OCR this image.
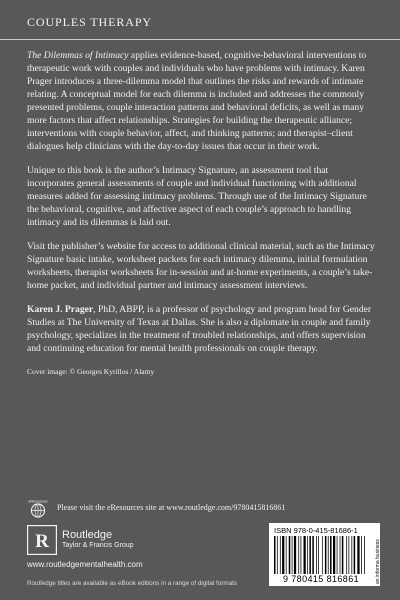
COUPLES THERAPY

The Dilemmas of Intimacy applies evidence-based, cognitive-behavioral interventions to therapeutic work with couples and individuals who have problems with intimacy. Karen Prager introduces a three-dilemma model that outlines the risks and rewards of intimate relating. A conceptual model for each dilemma is included and addresses the commonly presented problems, couple interaction patterns and behavioral deficits, as well as many more factors that affect relationships. Strategies for building the therapeutic alliance; interventions with couple behavior, affect, and thinking patterns; and therapist–client dialogues help clinicians with the day-to-day issues that occur in their work.

Unique to this book is the author’s Intimacy Signature, an assessment tool that incorporates general assessments of couple and individual functioning with additional measures added for assessing intimacy problems. Through use of the Intimacy Signature the behavioral, cognitive, and affective aspect of each couple’s approach to handling intimacy and its dilemmas is laid out.

Visit the publisher’s website for access to additional clinical material, such as the Intimacy Signature basic intake, worksheet packets for each intimacy dilemma, initial formulation worksheets, therapist worksheets for in-session and at-home experiments, a couple’s take-home packet, and individual partner and intimacy assessment interviews.

Karen J. Prager, PhD, ABPP, is a professor of psychology and program head for Gender Studies at The University of Texas at Dallas. She is also a diplomate in couple and family psychology, specializes in the treatment of troubled relationships, and offers supervision and continuing education for mental health professionals on couple therapy.

Cover image: © Georges Kyrillos / Alamy

eResources
Please visit the eResources site at www.routledge.com/9780415816861
R Routledge
Taylor & Francis Group
www.routledgementalhealth.com
Routledge titles are available as eBook editions in a range of digital formats
ISBN 978-0-415-81686-1
9 780415 816861	an informa business
